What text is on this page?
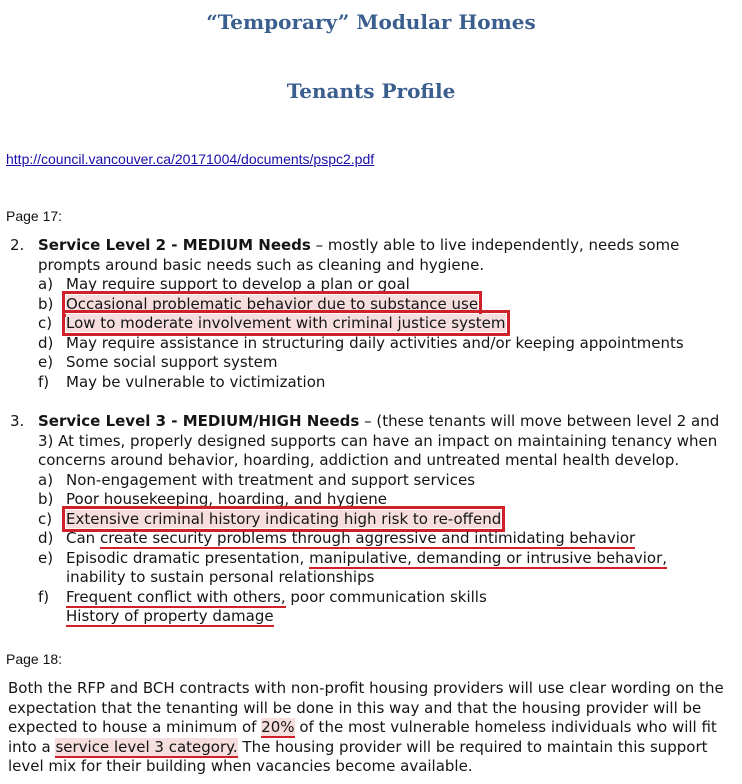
“Temporary” Modular Homes
Tenants Profile
http://council.vancouver.ca/20171004/documents/pspc2.pdf
Page 17:
2. Service Level 2 - MEDIUM Needs – mostly able to live independently, needs some prompts around basic needs such as cleaning and hygiene.
a) May require support to develop a plan or goal
b) Occasional problematic behavior due to substance use
c) Low to moderate involvement with criminal justice system
d) May require assistance in structuring daily activities and/or keeping appointments
e) Some social support system
f) May be vulnerable to victimization
3. Service Level 3 - MEDIUM/HIGH Needs – (these tenants will move between level 2 and 3) At times, properly designed supports can have an impact on maintaining tenancy when concerns around behavior, hoarding, addiction and untreated mental health develop.
a) Non-engagement with treatment and support services
b) Poor housekeeping, hoarding, and hygiene
c) Extensive criminal history indicating high risk to re-offend
d) Can create security problems through aggressive and intimidating behavior
e) Episodic dramatic presentation, manipulative, demanding or intrusive behavior,
inability to sustain personal relationships
f) Frequent conflict with others, poor communication skills
History of property damage
Page 18:

Both the RFP and BCH contracts with non-profit housing providers will use clear wording on the expectation that the tenanting will be done in this way and that the housing provider will be expected to house a minimum of 20% of the most vulnerable homeless individuals who will fit into a service level 3 category. The housing provider will be required to maintain this support level mix for their building when vacancies become available.
